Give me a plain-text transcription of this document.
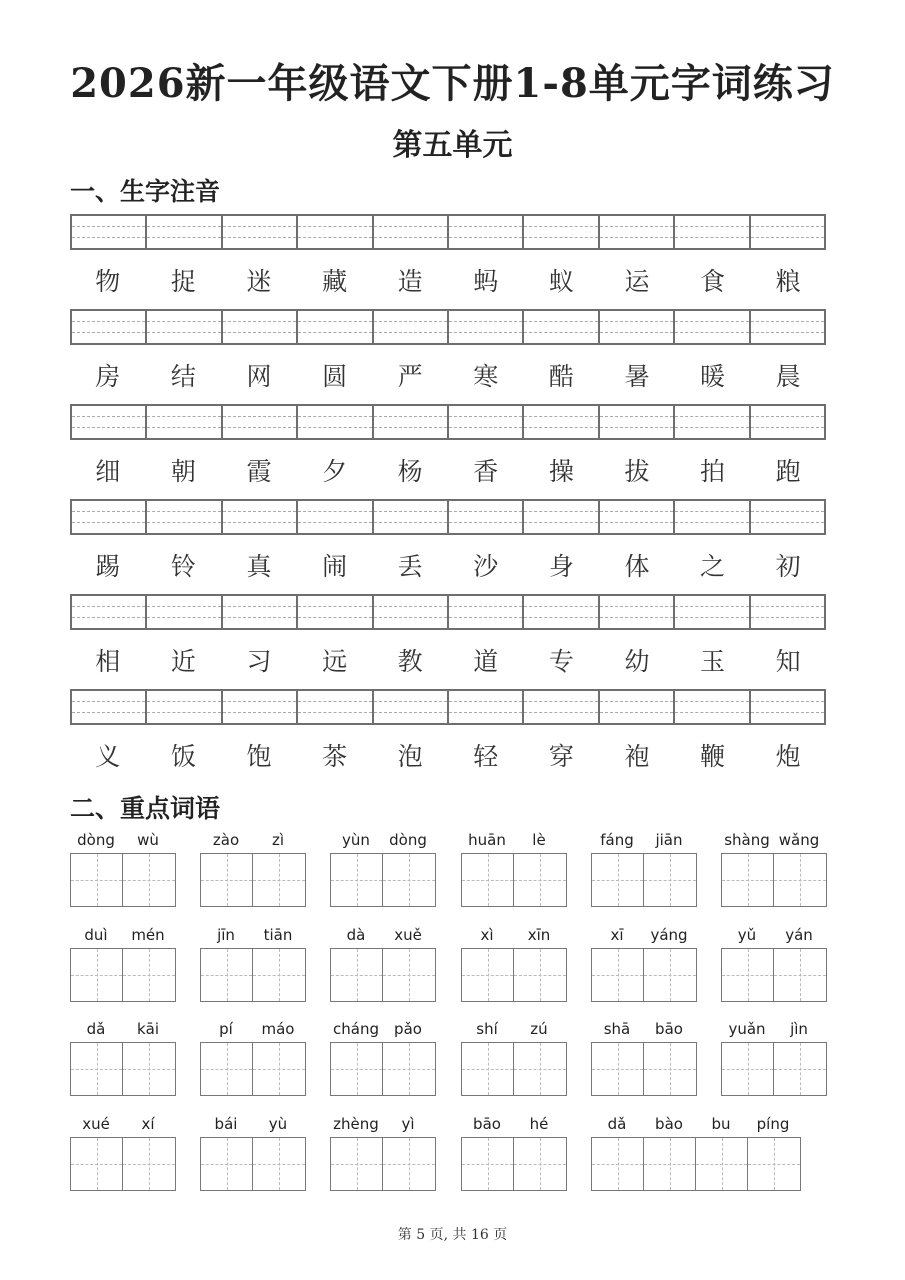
2026新一年级语文下册1-8单元字词练习
第五单元
一、生字注音
物	捉	迷	藏	造	蚂	蚁	运	食	粮
房	结	网	圆	严	寒	酷	暑	暖	晨
细	朝	霞	夕	杨	香	操	拔	拍	跑
踢	铃	真	闹	丢	沙	身	体	之	初
相	近	习	远	教	道	专	幼	玉	知
义	饭	饱	茶	泡	轻	穿	袍	鞭	炮
二、重点词语
dòng	wù	zào	zì	yùn	dòng	huān	lè	fáng	jiān	shàng wǎng
duì	mén	jīn	tiān	dà	xuě	xì	xīn	xī	yáng	yǔ	yán
dǎ	kāi	pí	máo	cháng	pǎo	shí	zú	shā	bāo	yuǎn	jìn
xué	xí	bái	yù	zhèng	yì	bāo	hé	dǎ	bào	bu	píng
第 5 页, 共 16 页
